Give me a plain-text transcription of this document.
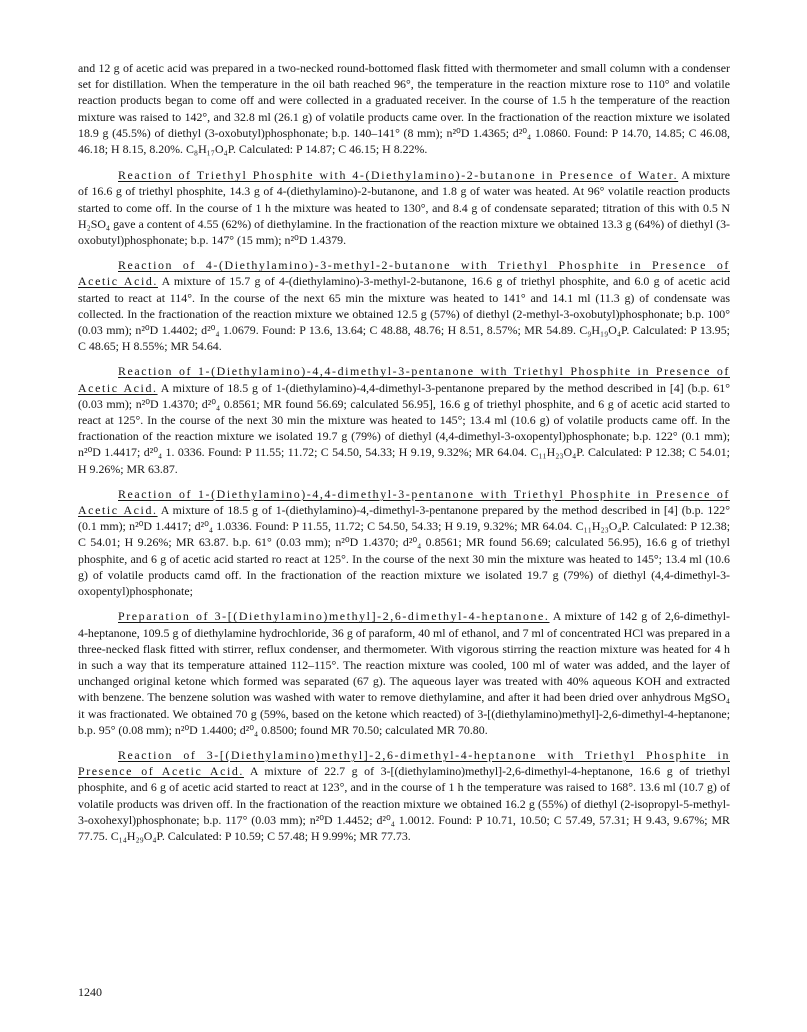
and 12 g of acetic acid was prepared in a two-necked round-bottomed flask fitted with thermometer and small column with a condenser set for distillation. When the temperature in the oil bath reached 96°, the temperature in the reaction mixture rose to 110° and volatile reaction products began to come off and were collected in a graduated receiver. In the course of 1.5 h the temperature of the reaction mixture was raised to 142°, and 32.8 ml (26.1 g) of volatile products came over. In the fractionation of the reaction mixture we isolated 18.9 g (45.5%) of diethyl (3-oxobutyl)phosphonate; b.p. 140–141° (8 mm); n²⁰D 1.4365; d²⁰₄ 1.0860. Found: P 14.70, 14.85; C 46.08, 46.18; H 8.15, 8.20%. C₈H₁₇O₄P. Calculated: P 14.87; C 46.15; H 8.22%.

Reaction of Triethyl Phosphite with 4-(Diethylamino)-2-butanone in Presence of Water. A mixture of 16.6 g of triethyl phosphite, 14.3 g of 4-(diethylamino)-2-butanone, and 1.8 g of water was heated. At 96° volatile reaction products started to come off. In the course of 1 h the mixture was heated to 130°, and 8.4 g of condensate separated; titration of this with 0.5 N H₂SO₄ gave a content of 4.55 (62%) of diethylamine. In the fractionation of the reaction mixture we obtained 13.3 g (64%) of diethyl (3-oxobutyl)phosphonate; b.p. 147° (15 mm); n²⁰D 1.4379.

Reaction of 4-(Diethylamino)-3-methyl-2-butanone with Triethyl Phosphite in Presence of Acetic Acid. A mixture of 15.7 g of 4-(diethylamino)-3-methyl-2-butanone, 16.6 g of triethyl phosphite, and 6.0 g of acetic acid started to react at 114°. In the course of the next 65 min the mixture was heated to 141° and 14.1 ml (11.3 g) of condensate was collected. In the fractionation of the reaction mixture we obtained 12.5 g (57%) of diethyl (2-methyl-3-oxobutyl)phosphonate; b.p. 100° (0.03 mm); n²⁰D 1.4402; d²⁰₄ 1.0679. Found: P 13.6, 13.64; C 48.88, 48.76; H 8.51, 8.57%; MR 54.89. C₉H₁₉O₄P. Calculated: P 13.95; C 48.65; H 8.55%; MR 54.64.

Reaction of 1-(Diethylamino)-4,4-dimethyl-3-pentanone with Triethyl Phosphite in Presence of Acetic Acid. A mixture of 18.5 g of 1-(diethylamino)-4,4-dimethyl-3-pentanone prepared by the method described in [4] (b.p. 61° (0.03 mm); n²⁰D 1.4370; d²⁰₄ 0.8561; MR found 56.69; calculated 56.95], 16.6 g of triethyl phosphite, and 6 g of acetic acid started to react at 125°. In the course of the next 30 min the mixture was heated to 145°; 13.4 ml (10.6 g) of volatile products came off. In the fractionation of the reaction mixture we isolated 19.7 g (79%) of diethyl (4,4-dimethyl-3-oxopentyl)phosphonate; b.p. 122° (0.1 mm); n²⁰D 1.4417; d²⁰₄ 1. 0336. Found: P 11.55; 11.72; C 54.50, 54.33; H 9.19, 9.32%; MR 64.04. C₁₁H₂₃O₄P. Calculated: P 12.38; C 54.01; H 9.26%; MR 63.87.

Reaction of 1-(Diethylamino)-4,4-dimethyl-3-pentanone with Triethyl Phosphite in Presence of Acetic Acid. A mixture of 18.5 g of 1-(diethylamino)-4,-dimethyl-3-pentanone prepared by the method described in [4] (b.p. 122° (0.1 mm); n²⁰D 1.4417; d²⁰₄ 1.0336. Found: P 11.55, 11.72; C 54.50, 54.33; H 9.19, 9.32%; MR 64.04. C₁₁H₂₃O₄P. Calculated: P 12.38; C 54.01; H 9.26%; MR 63.87. b.p. 61° (0.03 mm); n²⁰D 1.4370; d²⁰₄ 0.8561; MR found 56.69; calculated 56.95), 16.6 g of triethyl phosphite, and 6 g of acetic acid started ro react at 125°. In the course of the next 30 min the mixture was heated to 145°; 13.4 ml (10.6 g) of volatile products camd off. In the fractionation of the reaction mixture we isolated 19.7 g (79%) of diethyl (4,4-dimethyl-3-oxopentyl)phosphonate;

Preparation of 3-[(Diethylamino)methyl]-2,6-dimethyl-4-heptanone. A mixture of 142 g of 2,6-dimethyl-4-heptanone, 109.5 g of diethylamine hydrochloride, 36 g of paraform, 40 ml of ethanol, and 7 ml of concentrated HCl was prepared in a three-necked flask fitted with stirrer, reflux condenser, and thermometer. With vigorous stirring the reaction mixture was heated for 4 h in such a way that its temperature attained 112–115°. The reaction mixture was cooled, 100 ml of water was added, and the layer of unchanged original ketone which formed was separated (67 g). The aqueous layer was treated with 40% aqueous KOH and extracted with benzene. The benzene solution was washed with water to remove diethylamine, and after it had been dried over anhydrous MgSO₄ it was fractionated. We obtained 70 g (59%, based on the ketone which reacted) of 3-[(diethylamino)methyl]-2,6-dimethyl-4-heptanone; b.p. 95° (0.08 mm); n²⁰D 1.4400; d²⁰₄ 0.8500; found MR 70.50; calculated MR 70.80.

Reaction of 3-[(Diethylamino)methyl]-2,6-dimethyl-4-heptanone with Triethyl Phosphite in Presence of Acetic Acid. A mixture of 22.7 g of 3-[(diethylamino)methyl]-2,6-dimethyl-4-heptanone, 16.6 g of triethyl phosphite, and 6 g of acetic acid started to react at 123°, and in the course of 1 h the temperature was raised to 168°. 13.6 ml (10.7 g) of volatile products was driven off. In the fractionation of the reaction mixture we obtained 16.2 g (55%) of diethyl (2-isopropyl-5-methyl-3-oxohexyl)phosphonate; b.p. 117° (0.03 mm); n²⁰D 1.4452; d²⁰₄ 1.0012. Found: P 10.71, 10.50; C 57.49, 57.31; H 9.43, 9.67%; MR 77.75. C₁₄H₂₉O₄P. Calculated: P 10.59; C 57.48; H 9.99%; MR 77.73.

1240
